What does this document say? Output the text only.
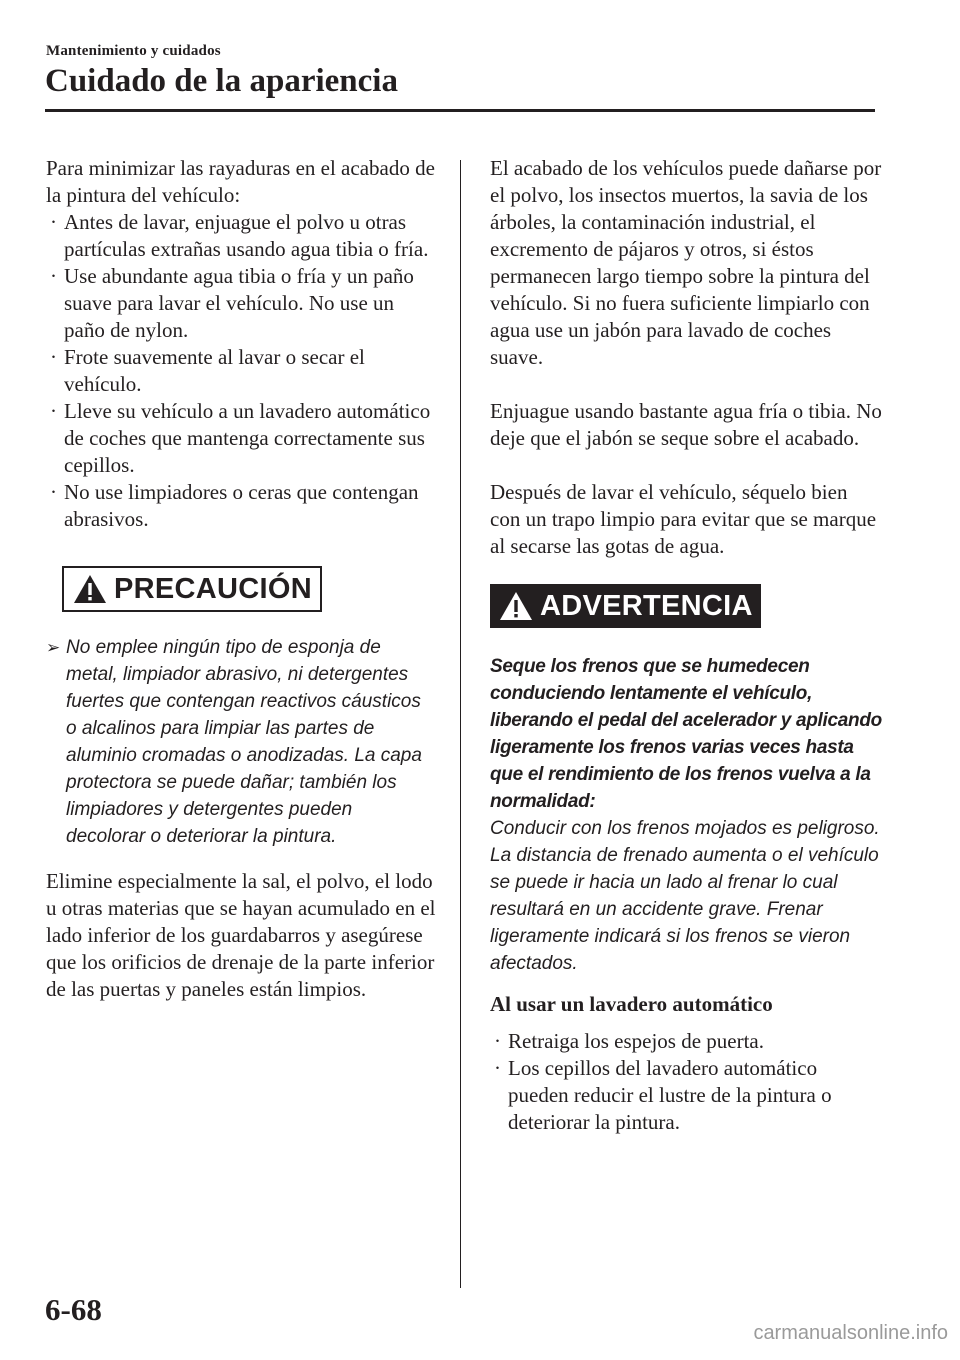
Mantenimiento y cuidados
Cuidado de la apariencia

Para minimizar las rayaduras en el acabado de la pintura del vehículo:

· Antes de lavar, enjuague el polvo u otras partículas extrañas usando agua tibia o fría.
· Use abundante agua tibia o fría y un paño suave para lavar el vehículo. No use un paño de nylon.
· Frote suavemente al lavar o secar el vehículo.
· Lleve su vehículo a un lavadero automático de coches que mantenga correctamente sus cepillos.
· No use limpiadores o ceras que contengan abrasivos.
PRECAUCIÓN
➢ No emplee ningún tipo de esponja de metal, limpiador abrasivo, ni detergentes fuertes que contengan reactivos cáusticos o alcalinos para limpiar las partes de aluminio cromadas o anodizadas. La capa protectora se puede dañar; también los limpiadores y detergentes pueden decolorar o deteriorar la pintura.

Elimine especialmente la sal, el polvo, el lodo u otras materias que se hayan acumulado en el lado inferior de los guardabarros y asegúrese que los orificios de drenaje de la parte inferior de las puertas y paneles están limpios.

El acabado de los vehículos puede dañarse por el polvo, los insectos muertos, la savia de los árboles, la contaminación industrial, el excremento de pájaros y otros, si éstos permanecen largo tiempo sobre la pintura del vehículo. Si no fuera suficiente limpiarlo con agua use un jabón para lavado de coches suave.

Enjuague usando bastante agua fría o tibia. No deje que el jabón se seque sobre el acabado.

Después de lavar el vehículo, séquelo bien con un trapo limpio para evitar que se marque al secarse las gotas de agua.

ADVERTENCIA
Seque los frenos que se humedecen conduciendo lentamente el vehículo, liberando el pedal del acelerador y aplicando ligeramente los frenos varias veces hasta que el rendimiento de los frenos vuelva a la normalidad:
Conducir con los frenos mojados es peligroso. La distancia de frenado aumenta o el vehículo se puede ir hacia un lado al frenar lo cual resultará en un accidente grave. Frenar ligeramente indicará si los frenos se vieron afectados.
Al usar un lavadero automático
· Retraiga los espejos de puerta.
· Los cepillos del lavadero automático pueden reducir el lustre de la pintura o deteriorar la pintura.
6-68
carmanualsonline.info
